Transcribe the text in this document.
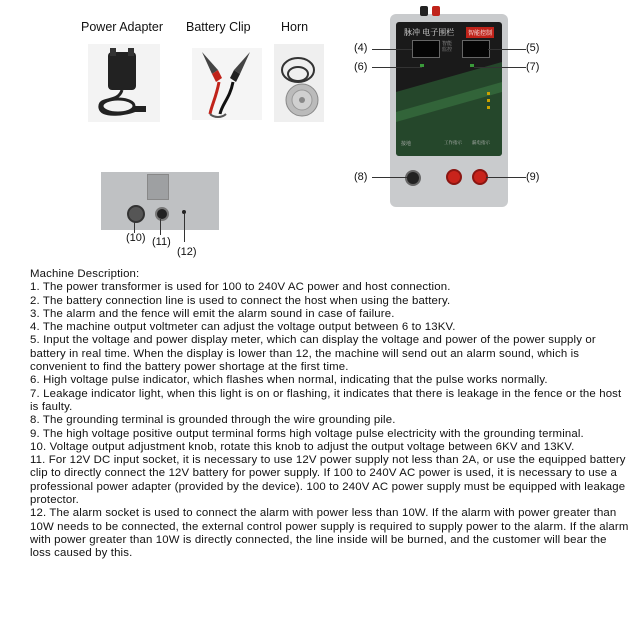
Power Adapter Battery Clip Horn	脉冲 电子围栏	智能控制
智能
监控
接地	工作指示 漏电指示
(4)	(5)
(6)	(7)
(8)	(9)
(10) (11)
(12)

Machine Description:

1. The power transformer is used for 100 to 240V AC power and host connection.

2. The battery connection line is used to connect the host when using the battery.

3. The alarm and the fence will emit the alarm sound in case of failure.

4. The machine output voltmeter can adjust the voltage output between 6 to 13KV.

5. Input the voltage and power display meter, which can display the voltage and power of the power supply or battery in real time. When the display is lower than 12, the machine will send out an alarm sound, which is convenient to find the battery power shortage at the first time.

6. High voltage pulse indicator, which flashes when normal, indicating that the pulse works normally.

7. Leakage indicator light, when this light is on or flashing, it indicates that there is leakage in the fence or the host is faulty.

8. The grounding terminal is grounded through the wire grounding pile.

9. The high voltage positive output terminal forms high voltage pulse electricity with the grounding terminal.

10. Voltage output adjustment knob, rotate this knob to adjust the output voltage between 6KV and 13KV.

11. For 12V DC input socket, it is necessary to use 12V power supply not less than 2A, or use the equipped battery clip to directly connect the 12V battery for power supply. If 100 to 240V AC power is used, it is necessary to use a professional power adapter (provided by the device). 100 to 240V AC power supply must be equipped with leakage protector.

12. The alarm socket is used to connect the alarm with power less than 10W. If the alarm with power greater than 10W needs to be connected, the external control power supply is required to supply power to the alarm. If the alarm with power greater than 10W is directly connected, the line inside will be burned, and the customer will bear the loss caused by this.
